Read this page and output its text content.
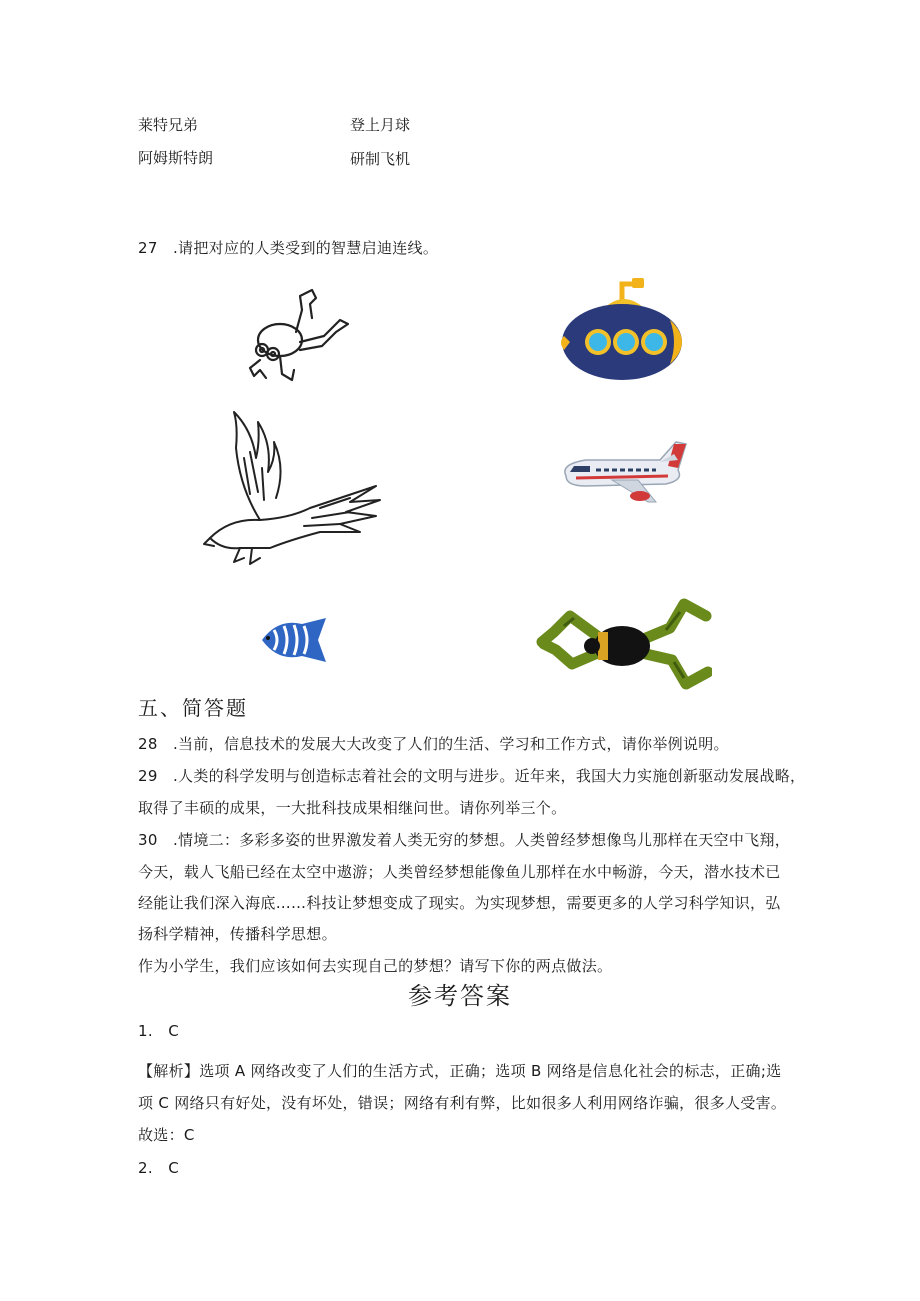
莱特兄弟	登上月球
阿姆斯特朗	研制飞机
27　.请把对应的人类受到的智慧启迪连线。
五、简答题
28　.当前，信息技术的发展大大改变了人们的生活、学习和工作方式，请你举例说明。
29　.人类的科学发明与创造标志着社会的文明与进步。近年来，我国大力实施创新驱动发展战略，
取得了丰硕的成果，一大批科技成果相继问世。请你列举三个。
30　.情境二：多彩多姿的世界激发着人类无穷的梦想。人类曾经梦想像鸟儿那样在天空中飞翔，
今天，载人飞船已经在太空中遨游；人类曾经梦想能像鱼儿那样在水中畅游，今天，潜水技术已
经能让我们深入海底……科技让梦想变成了现实。为实现梦想，需要更多的人学习科学知识，弘
扬科学精神，传播科学思想。
作为小学生，我们应该如何去实现自己的梦想？请写下你的两点做法。
参考答案
1.　C
【解析】选项 A 网络改变了人们的生活方式，正确；选项 B 网络是信息化社会的标志，正确;选
项 C 网络只有好处，没有坏处，错误；网络有利有弊，比如很多人利用网络诈骗，很多人受害。
故选：C
2.　C
